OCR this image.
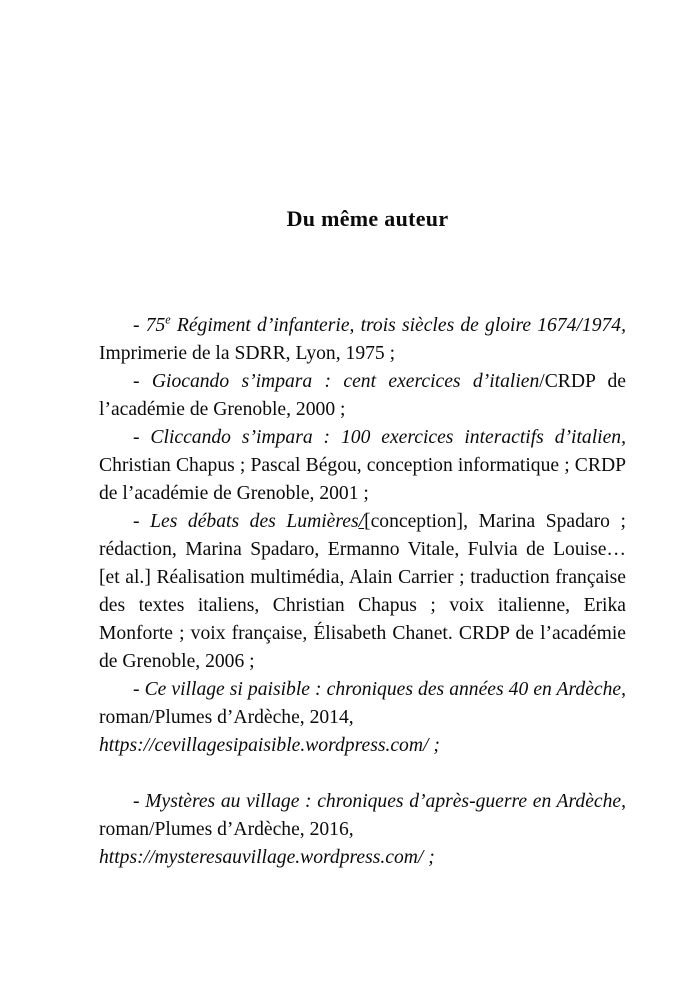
Du même auteur

- 75e Régiment d’infanterie, trois siècles de gloire 1674/1974, Imprimerie de la SDRR, Lyon, 1975 ;

- Giocando s’impara : cent exercices d’italien/CRDP de l’académie de Grenoble, 2000 ;

- Cliccando s’impara : 100 exercices interactifs d’italien, Christian Chapus ; Pascal Bégou, conception informatique ; CRDP de l’académie de Grenoble, 2001 ;

- Les débats des Lumières/[conception], Marina Spadaro ; rédaction, Marina Spadaro, Ermanno Vitale, Fulvia de Louise… [et al.] Réalisation multimédia, Alain Carrier ; traduction française des textes italiens, Christian Chapus ; voix italienne, Erika Monforte ; voix française, Élisabeth Chanet. CRDP de l’académie de Grenoble, 2006 ;

- Ce village si paisible : chroniques des années 40 en Ardèche, roman/Plumes d’Ardèche, 2014,
https://cevillagesipaisible.wordpress.com/ ;

- Mystères au village : chroniques d’après-guerre en Ardèche, roman/Plumes d’Ardèche, 2016,
https://mysteresauvillage.wordpress.com/ ;
